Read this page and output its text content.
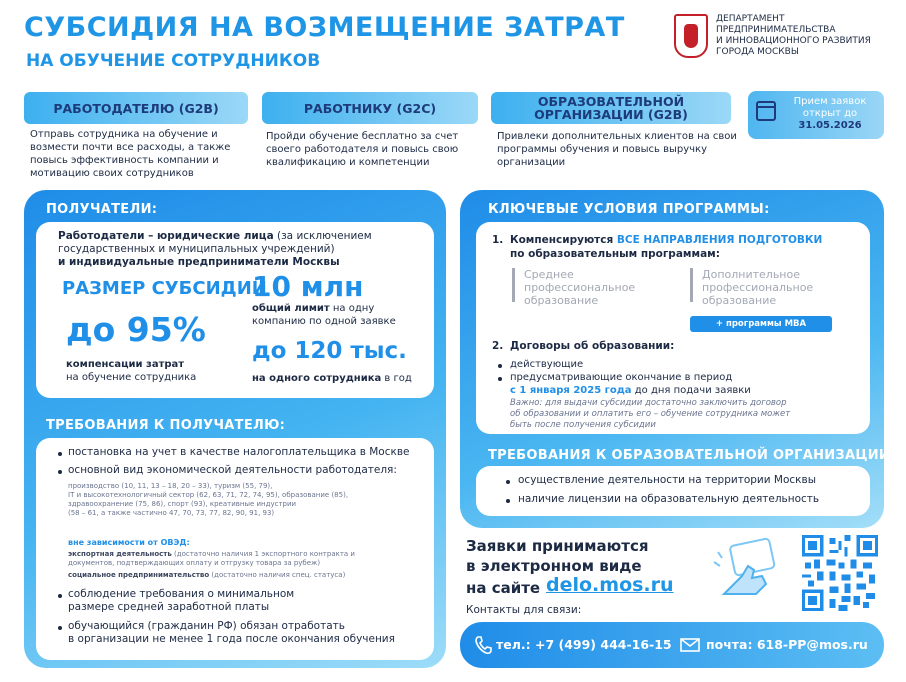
СУБСИДИЯ НА ВОЗМЕЩЕНИЕ ЗАТРАТ
НА ОБУЧЕНИЕ СОТРУДНИКОВ
ДЕПАРТАМЕНТ
ПРЕДПРИНИМАТЕЛЬСТВА
И ИННОВАЦИОННОГО РАЗВИТИЯ
ГОРОДА МОСКВЫ
РАБОТОДАТЕЛЮ (G2B)
Отправь сотрудника на обучение и возмести почти все расходы, а также повысь эффективность компании и мотивацию своих сотрудников
РАБОТНИКУ (G2C)
Пройди обучение бесплатно за счет своего работодателя и повысь свою квалификацию и компетенции
ОБРАЗОВАТЕЛЬНОЙ
ОРГАНИЗАЦИИ (G2B)
Привлеки дополнительных клиентов на свои программы обучения и повысь выручку организации
Прием заявок
открыт до
31.05.2026
ПОЛУЧАТЕЛИ:
Работодатели – юридические лица (за исключением
государственных и муниципальных учреждений)
и индивидуальные предприниматели Москвы
РАЗМЕР СУБСИДИИ
10 млн
общий лимит на одну
компанию по одной заявке
до 95%
компенсации затрат
на обучение сотрудника
до 120 тыс.
на одного сотрудника в год
ТРЕБОВАНИЯ К ПОЛУЧАТЕЛЮ:
постановка на учет в качестве налогоплательщика в Москве
основной вид экономической деятельности работодателя:
производство (10, 11, 13 – 18, 20 – 33), туризм (55, 79),
IT и высокотехнологичный сектор (62, 63, 71, 72, 74, 95), образование (85),
здравоохранение (75, 86), спорт (93), креативные индустрии
(58 – 61, а также частично 47, 70, 73, 77, 82, 90, 91, 93)
вне зависимости от ОВЭД:
экспортная деятельность (достаточно наличия 1 экспортного контракта и
документов, подтверждающих оплату и отгрузку товара за рубеж)
социальное предпринимательство (достаточно наличия спец. статуса)
соблюдение требования о минимальном
размере средней заработной платы
обучающийся (гражданин РФ) обязан отработать
в организации не менее 1 года после окончания обучения
КЛЮЧЕВЫЕ УСЛОВИЯ ПРОГРАММЫ:
1. Компенсируются ВСЕ НАПРАВЛЕНИЯ ПОДГОТОВКИ
по образовательным программам:
Среднее
профессиональное
образование
Дополнительное
профессиональное
образование
+ программы MBA
2. Договоры об образовании:
действующие
предусматривающие окончание в период
с 1 января 2025 года до дня подачи заявки
Важно: для выдачи субсидии достаточно заключить договор
об образовании и оплатить его – обучение сотрудника может
быть после получения субсидии
ТРЕБОВАНИЯ К ОБРАЗОВАТЕЛЬНОЙ ОРГАНИЗАЦИИ:
осуществление деятельности на территории Москвы
наличие лицензии на образовательную деятельность
Заявки принимаются
в электронном виде
на сайте delo.mos.ru
Контакты для связи:
тел.: +7 (499) 444-16-15	почта: 618-PP@mos.ru
